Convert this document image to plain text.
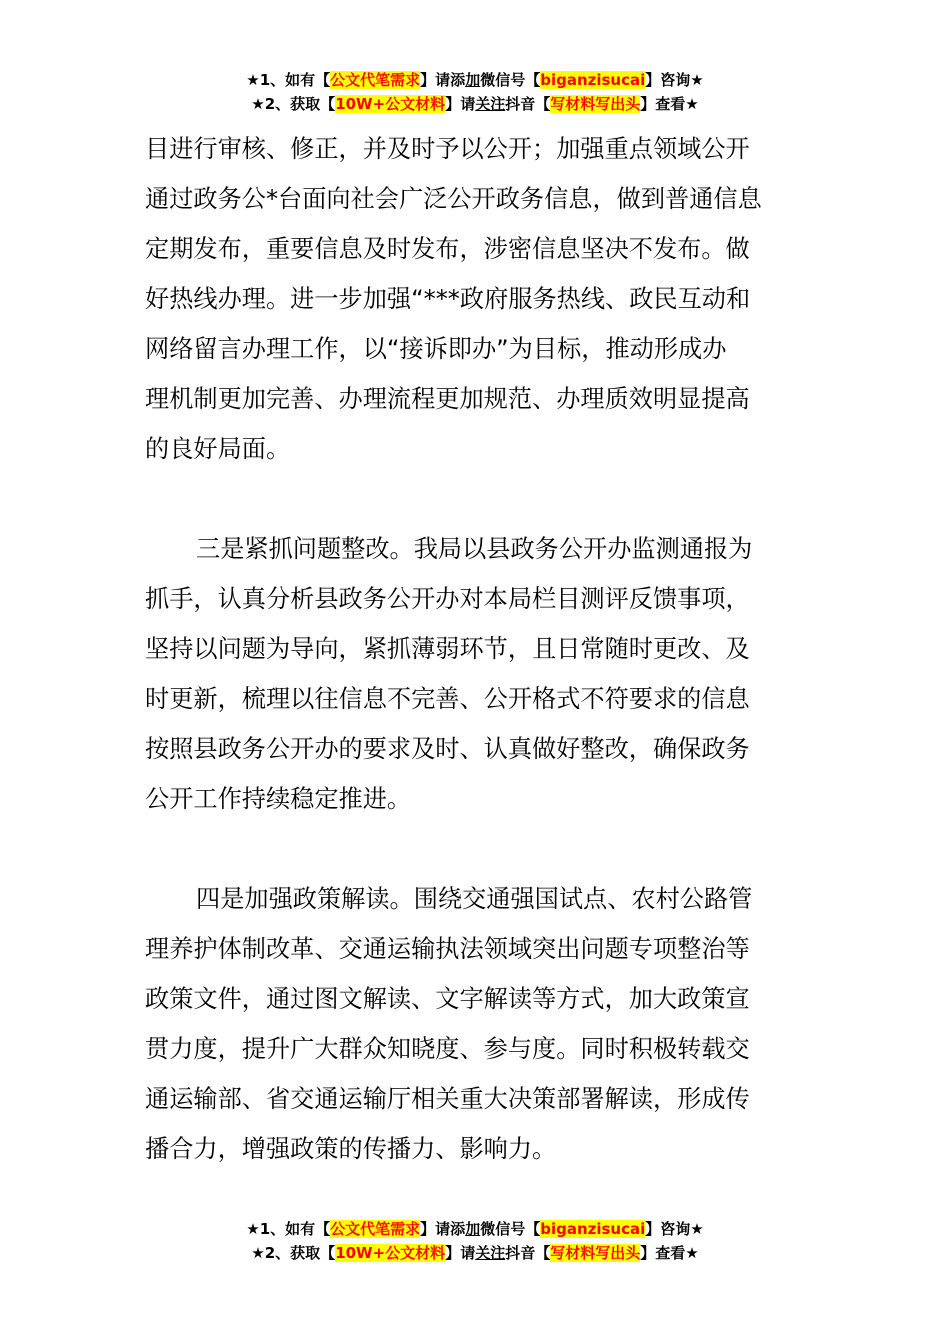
★1、如有【公文代笔需求】请添加微信号【biganzisucai】咨询★
★2、获取【10W+公文材料】请关注抖音【写材料写出头】查看★

目进行审核、修正，并及时予以公开；加强重点领域公开

通过政务公*台面向社会广泛公开政务信息，做到普通信息

定期发布，重要信息及时发布，涉密信息坚决不发布。做

好热线办理。进一步加强“***政府服务热线、政民互动和

网络留言办理工作，以“接诉即办”为目标，推动形成办

理机制更加完善、办理流程更加规范、办理质效明显提高

的良好局面。

三是紧抓问题整改。我局以县政务公开办监测通报为

抓手，认真分析县政务公开办对本局栏目测评反馈事项，

坚持以问题为导向，紧抓薄弱环节，且日常随时更改、及

时更新，梳理以往信息不完善、公开格式不符要求的信息

按照县政务公开办的要求及时、认真做好整改，确保政务

公开工作持续稳定推进。

四是加强政策解读。围绕交通强国试点、农村公路管

理养护体制改革、交通运输执法领域突出问题专项整治等

政策文件，通过图文解读、文字解读等方式，加大政策宣

贯力度，提升广大群众知晓度、参与度。同时积极转载交

通运输部、省交通运输厅相关重大决策部署解读，形成传

播合力，增强政策的传播力、影响力。

★1、如有【公文代笔需求】请添加微信号【biganzisucai】咨询★
★2、获取【10W+公文材料】请关注抖音【写材料写出头】查看★
